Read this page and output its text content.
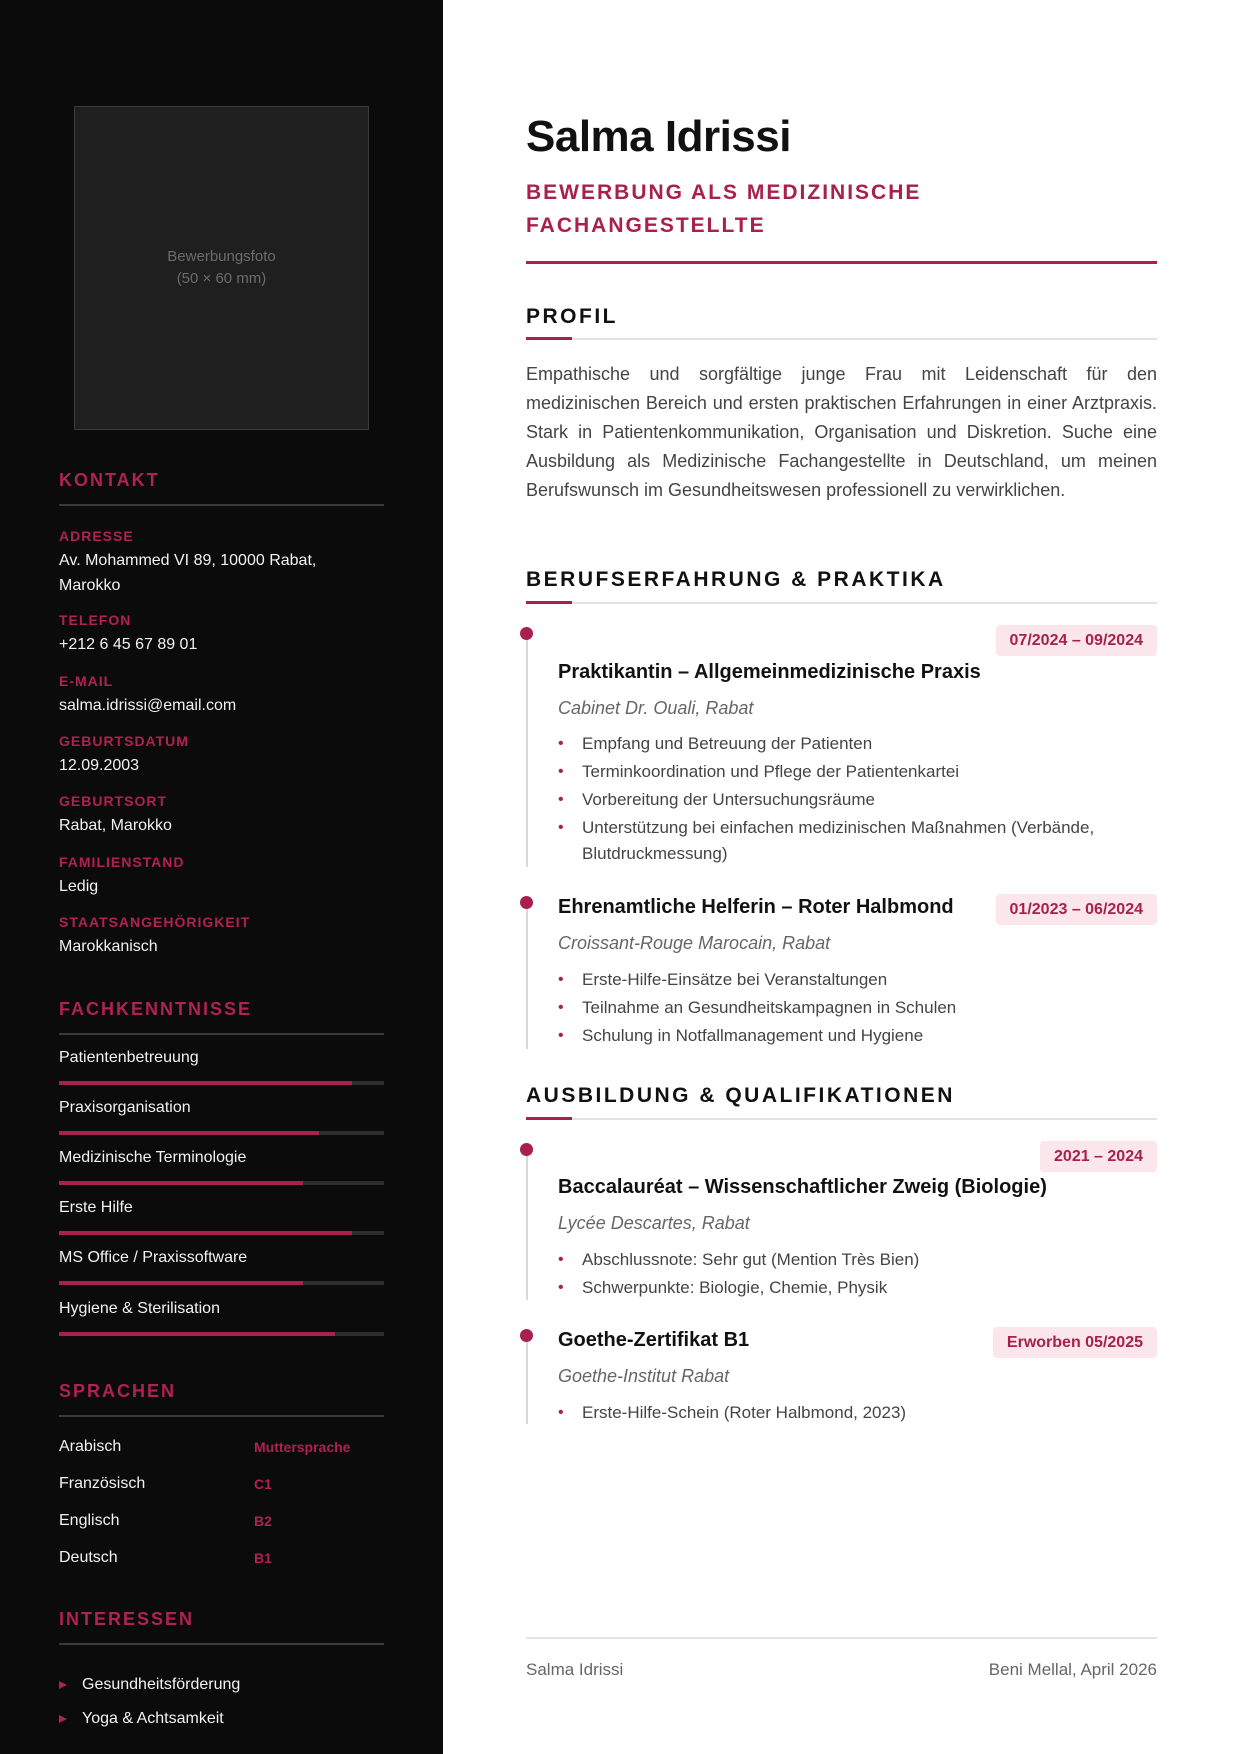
Bewerbungsfoto
(50 × 60 mm)
KONTAKT
ADRESSE
Av. Mohammed VI 89, 10000 Rabat, Marokko
TELEFON
+212 6 45 67 89 01
E-MAIL
salma.idrissi@email.com
GEBURTSDATUM
12.09.2003
GEBURTSORT
Rabat, Marokko
FAMILIENSTAND
Ledig
STAATSANGEHÖRIGKEIT
Marokkanisch
FACHKENNTNISSE
Patientenbetreuung
Praxisorganisation
Medizinische Terminologie
Erste Hilfe
MS Office / Praxissoftware
Hygiene & Sterilisation
SPRACHEN
Arabisch	Muttersprache
Französisch	C1
Englisch	B2
Deutsch	B1
INTERESSEN
Gesundheitsförderung
Yoga & Achtsamkeit
Salma Idrissi
BEWERBUNG ALS MEDIZINISCHE
FACHANGESTELLTE
PROFIL
Empathische und sorgfältige junge Frau mit Leidenschaft für den medizinischen Bereich und ersten praktischen Erfahrungen in einer Arztpraxis. Stark in Patientenkommunikation, Organisation und Diskretion. Suche eine Ausbildung als Medizinische Fachangestellte in Deutschland, um meinen Berufswunsch im Gesundheitswesen professionell zu verwirklichen.
BERUFSERFAHRUNG & PRAKTIKA
07/2024 – 09/2024
Praktikantin – Allgemeinmedizinische Praxis
Cabinet Dr. Ouali, Rabat
• Empfang und Betreuung der Patienten
• Terminkoordination und Pflege der Patientenkartei
• Vorbereitung der Untersuchungsräume
• Unterstützung bei einfachen medizinischen Maßnahmen (Verbände, Blutdruckmessung)
01/2023 – 06/2024
Ehrenamtliche Helferin – Roter Halbmond
Croissant-Rouge Marocain, Rabat
• Erste-Hilfe-Einsätze bei Veranstaltungen
• Teilnahme an Gesundheitskampagnen in Schulen
• Schulung in Notfallmanagement und Hygiene
AUSBILDUNG & QUALIFIKATIONEN
2021 – 2024
Baccalauréat – Wissenschaftlicher Zweig (Biologie)
Lycée Descartes, Rabat
• Abschlussnote: Sehr gut (Mention Très Bien)
• Schwerpunkte: Biologie, Chemie, Physik
Erworben 05/2025
Goethe-Zertifikat B1
Goethe-Institut Rabat
• Erste-Hilfe-Schein (Roter Halbmond, 2023)
Salma Idrissi	Beni Mellal, April 2026
